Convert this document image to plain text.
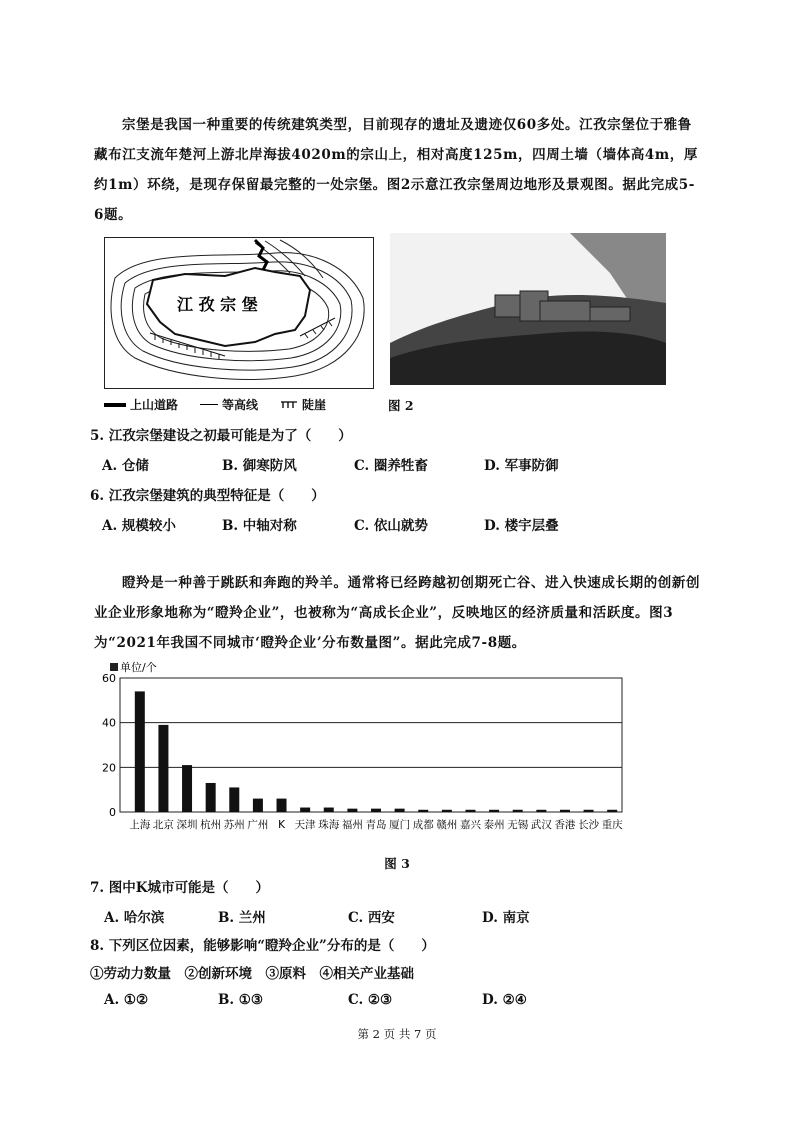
宗堡是我国一种重要的传统建筑类型，目前现存的遗址及遗迹仅60多处。江孜宗堡位于雅鲁藏布江支流年楚河上游北岸海拔4020m的宗山上，相对高度125m，四周土墙（墙体高4m，厚约1m）环绕，是现存保留最完整的一处宗堡。图2示意江孜宗堡周边地形及景观图。据此完成5-6题。
江 孜 宗 堡
上山道路	等高线	陡崖	图 2
5. 江孜宗堡建设之初最可能是为了（　　）
A. 仓储	B. 御寒防风	C. 圈养牲畜	D. 军事防御
6. 江孜宗堡建筑的典型特征是（　　）
A. 规模较小	B. 中轴对称	C. 依山就势	D. 楼宇层叠
瞪羚是一种善于跳跃和奔跑的羚羊。通常将已经跨越初创期死亡谷、进入快速成长期的创新创业企业形象地称为“瞪羚企业”，也被称为“高成长企业”，反映地区的经济质量和活跃度。图3为“2021年我国不同城市‘瞪羚企业’分布数量图”。据此完成7-8题。
单位/个
0
20
40
60
上海 北京 深圳 杭州 苏州 广州 K 天津 珠海 福州 青岛 厦门 成都 赣州 嘉兴 泰州 无锡 武汉 香港 长沙 重庆
图 3
7. 图中K城市可能是（　　）
A. 哈尔滨	B. 兰州	C. 西安	D. 南京
8. 下列区位因素，能够影响“瞪羚企业”分布的是（　　）
①劳动力数量　②创新环境　③原料　④相关产业基础
A. ①②	B. ①③	C. ②③	D. ②④
第 2 页 共 7 页
